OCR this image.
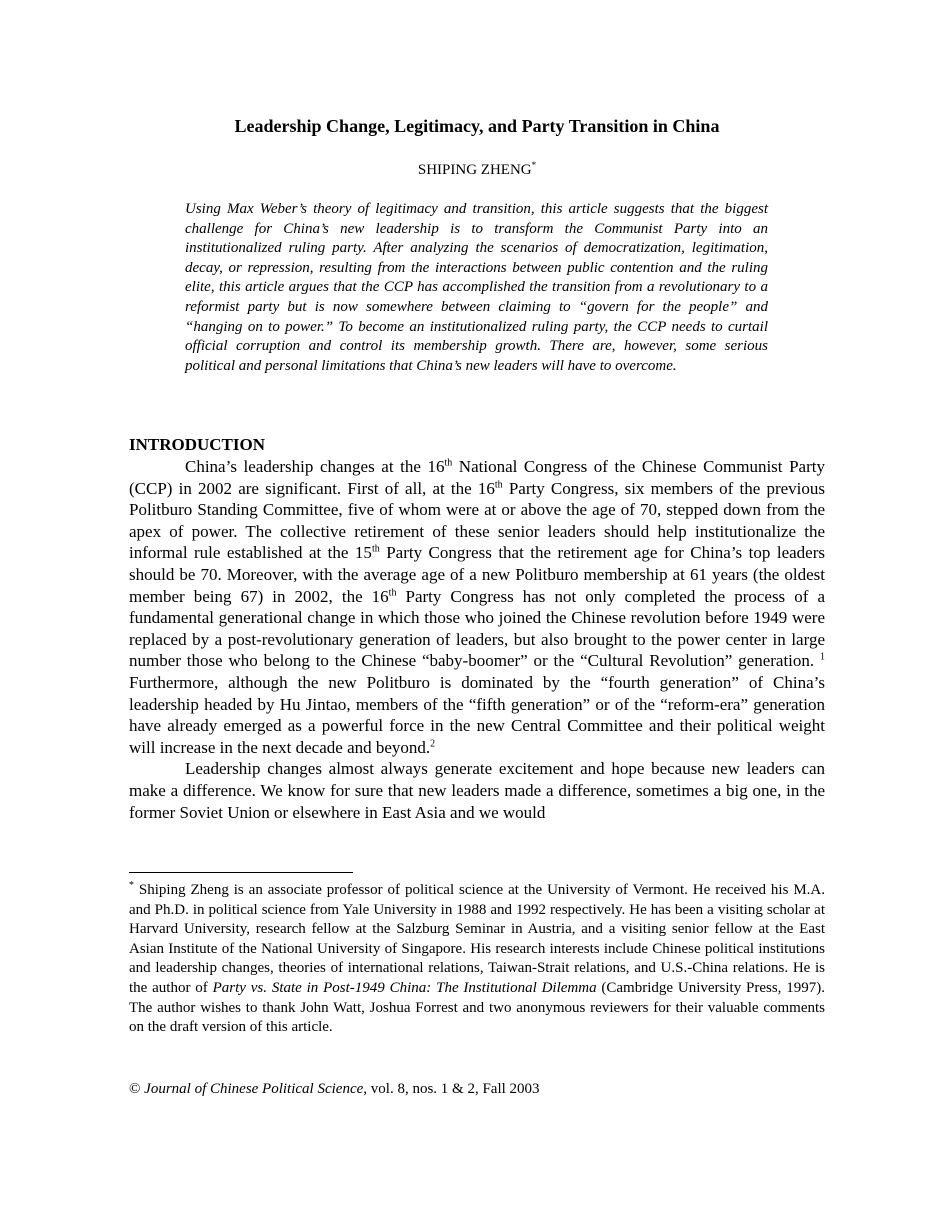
Leadership Change, Legitimacy, and Party Transition in China
SHIPING ZHENG*

Using Max Weber’s theory of legitimacy and transition, this article suggests that the biggest challenge for China’s new leadership is to transform the Communist Party into an institutionalized ruling party. After analyzing the scenarios of democratization, legitimation, decay, or repression, resulting from the interactions between public contention and the ruling elite, this article argues that the CCP has accomplished the transition from a revolutionary to a reformist party but is now somewhere between claiming to “govern for the people” and “hanging on to power.” To become an institutionalized ruling party, the CCP needs to curtail official corruption and control its membership growth. There are, however, some serious political and personal limitations that China’s new leaders will have to overcome.

INTRODUCTION

China’s leadership changes at the 16th National Congress of the Chinese Communist Party (CCP) in 2002 are significant. First of all, at the 16th Party Congress, six members of the previous Politburo Standing Committee, five of whom were at or above the age of 70, stepped down from the apex of power. The collective retirement of these senior leaders should help institutionalize the informal rule established at the 15th Party Congress that the retirement age for China’s top leaders should be 70. Moreover, with the average age of a new Politburo membership at 61 years (the oldest member being 67) in 2002, the 16th Party Congress has not only completed the process of a fundamental generational change in which those who joined the Chinese revolution before 1949 were replaced by a post-revolutionary generation of leaders, but also brought to the power center in large number those who belong to the Chinese “baby-boomer” or the “Cultural Revolution” generation. $^1$ Furthermore, although the new Politburo is dominated by the “fourth generation” of China’s leadership headed by Hu Jintao, members of the “fifth generation” or of the “reform-era” generation have already emerged as a powerful force in the new Central Committee and their political weight will increase in the next decade and beyond.$^2$

Leadership changes almost always generate excitement and hope because new leaders can make a difference. We know for sure that new leaders made a difference, sometimes a big one, in the former Soviet Union or elsewhere in East Asia and we would

* Shiping Zheng is an associate professor of political science at the University of Vermont. He received his M.A. and Ph.D. in political science from Yale University in 1988 and 1992 respectively. He has been a visiting scholar at Harvard University, research fellow at the Salzburg Seminar in Austria, and a visiting senior fellow at the East Asian Institute of the National University of Singapore. His research interests include Chinese political institutions and leadership changes, theories of international relations, Taiwan-Strait relations, and U.S.-China relations. He is the author of Party vs. State in Post-1949 China: The Institutional Dilemma (Cambridge University Press, 1997). The author wishes to thank John Watt, Joshua Forrest and two anonymous reviewers for their valuable comments on the draft version of this article.

© Journal of Chinese Political Science, vol. 8, nos. 1 & 2, Fall 2003
